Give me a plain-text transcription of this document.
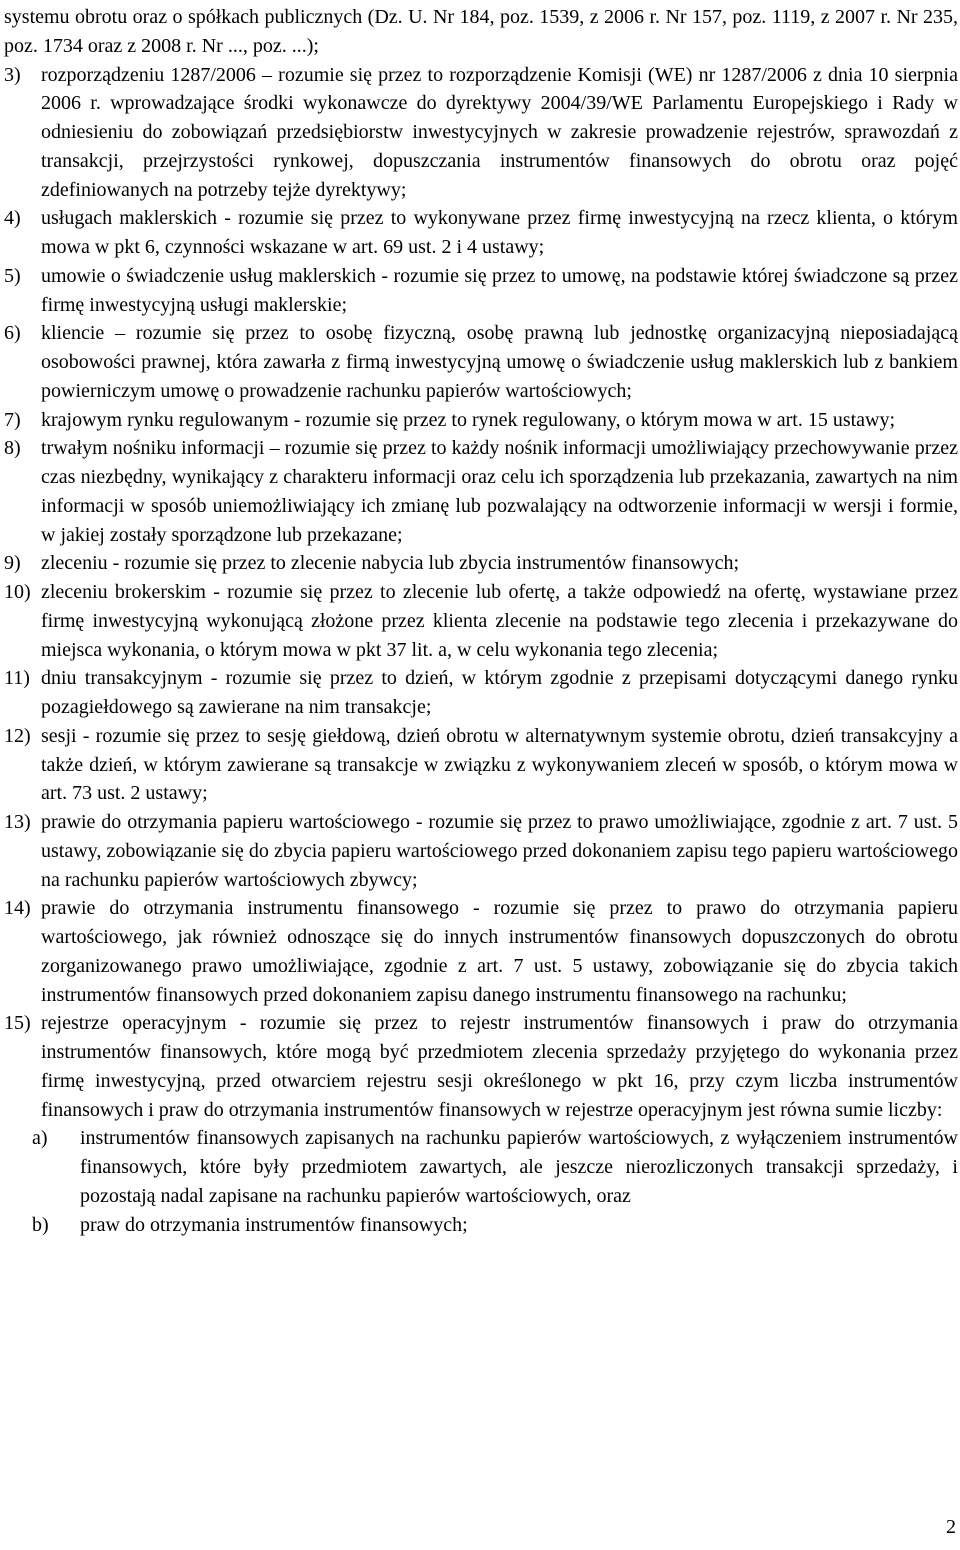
systemu obrotu oraz o spółkach publicznych (Dz. U. Nr 184, poz. 1539, z 2006 r. Nr 157, poz. 1119, z 2007 r. Nr 235, poz. 1734 oraz z 2008 r. Nr ..., poz. ...);

3)	rozporządzeniu 1287/2006 – rozumie się przez to rozporządzenie Komisji (WE) nr 1287/2006 z dnia 10 sierpnia 2006 r. wprowadzające środki wykonawcze do dyrektywy 2004/39/WE Parlamentu Europejskiego i Rady w odniesieniu do zobowiązań przedsiębiorstw inwestycyjnych w zakresie prowadzenie rejestrów, sprawozdań z transakcji, przejrzystości rynkowej, dopuszczania instrumentów finansowych do obrotu oraz pojęć zdefiniowanych na potrzeby tejże dyrektywy;

4)	usługach maklerskich - rozumie się przez to wykonywane przez firmę inwestycyjną na rzecz klienta, o którym mowa w pkt 6, czynności wskazane w art. 69 ust. 2 i 4 ustawy;

5)	umowie o świadczenie usług maklerskich - rozumie się przez to umowę, na podstawie której świadczone są przez firmę inwestycyjną usługi maklerskie;

6)	kliencie – rozumie się przez to osobę fizyczną, osobę prawną lub jednostkę organizacyjną nieposiadającą osobowości prawnej, która zawarła z firmą inwestycyjną umowę o świadczenie usług maklerskich lub z bankiem powierniczym umowę o prowadzenie rachunku papierów wartościowych;

7)	krajowym rynku regulowanym - rozumie się przez to rynek regulowany, o którym mowa w art. 15 ustawy;

8)	trwałym nośniku informacji – rozumie się przez to każdy nośnik informacji umożliwiający przechowywanie przez czas niezbędny, wynikający z charakteru informacji oraz celu ich sporządzenia lub przekazania, zawartych na nim informacji w sposób uniemożliwiający ich zmianę lub pozwalający na odtworzenie informacji w wersji i formie, w jakiej zostały sporządzone lub przekazane;

9)	zleceniu - rozumie się przez to zlecenie nabycia lub zbycia instrumentów finansowych;

10) zleceniu brokerskim - rozumie się przez to zlecenie lub ofertę, a także odpowiedź na ofertę, wystawiane przez firmę inwestycyjną wykonującą złożone przez klienta zlecenie na podstawie tego zlecenia i przekazywane do miejsca wykonania, o którym mowa w pkt 37 lit. a, w celu wykonania tego zlecenia;

11) dniu transakcyjnym - rozumie się przez to dzień, w którym zgodnie z przepisami dotyczącymi danego rynku pozagiełdowego są zawierane na nim transakcje;

12) sesji - rozumie się przez to sesję giełdową, dzień obrotu w alternatywnym systemie obrotu, dzień transakcyjny a także dzień, w którym zawierane są transakcje w związku z wykonywaniem zleceń w sposób, o którym mowa w art. 73 ust. 2 ustawy;

13) prawie do otrzymania papieru wartościowego - rozumie się przez to prawo umożliwiające, zgodnie z art. 7 ust. 5 ustawy, zobowiązanie się do zbycia papieru wartościowego przed dokonaniem zapisu tego papieru wartościowego na rachunku papierów wartościowych zbywcy;

14) prawie do otrzymania instrumentu finansowego - rozumie się przez to prawo do otrzymania papieru wartościowego, jak również odnoszące się do innych instrumentów finansowych dopuszczonych do obrotu zorganizowanego prawo umożliwiające, zgodnie z art. 7 ust. 5 ustawy, zobowiązanie się do zbycia takich instrumentów finansowych przed dokonaniem zapisu danego instrumentu finansowego na rachunku;

15) rejestrze operacyjnym - rozumie się przez to rejestr instrumentów finansowych i praw do otrzymania instrumentów finansowych, które mogą być przedmiotem zlecenia sprzedaży przyjętego do wykonania przez firmę inwestycyjną, przed otwarciem rejestru sesji określonego w pkt 16, przy czym liczba instrumentów finansowych i praw do otrzymania instrumentów finansowych w rejestrze operacyjnym jest równa sumie liczby:

a)	instrumentów finansowych zapisanych na rachunku papierów wartościowych, z wyłączeniem instrumentów finansowych, które były przedmiotem zawartych, ale jeszcze nierozliczonych transakcji sprzedaży, i pozostają nadal zapisane na rachunku papierów wartościowych, oraz
b)	praw do otrzymania instrumentów finansowych;
2
